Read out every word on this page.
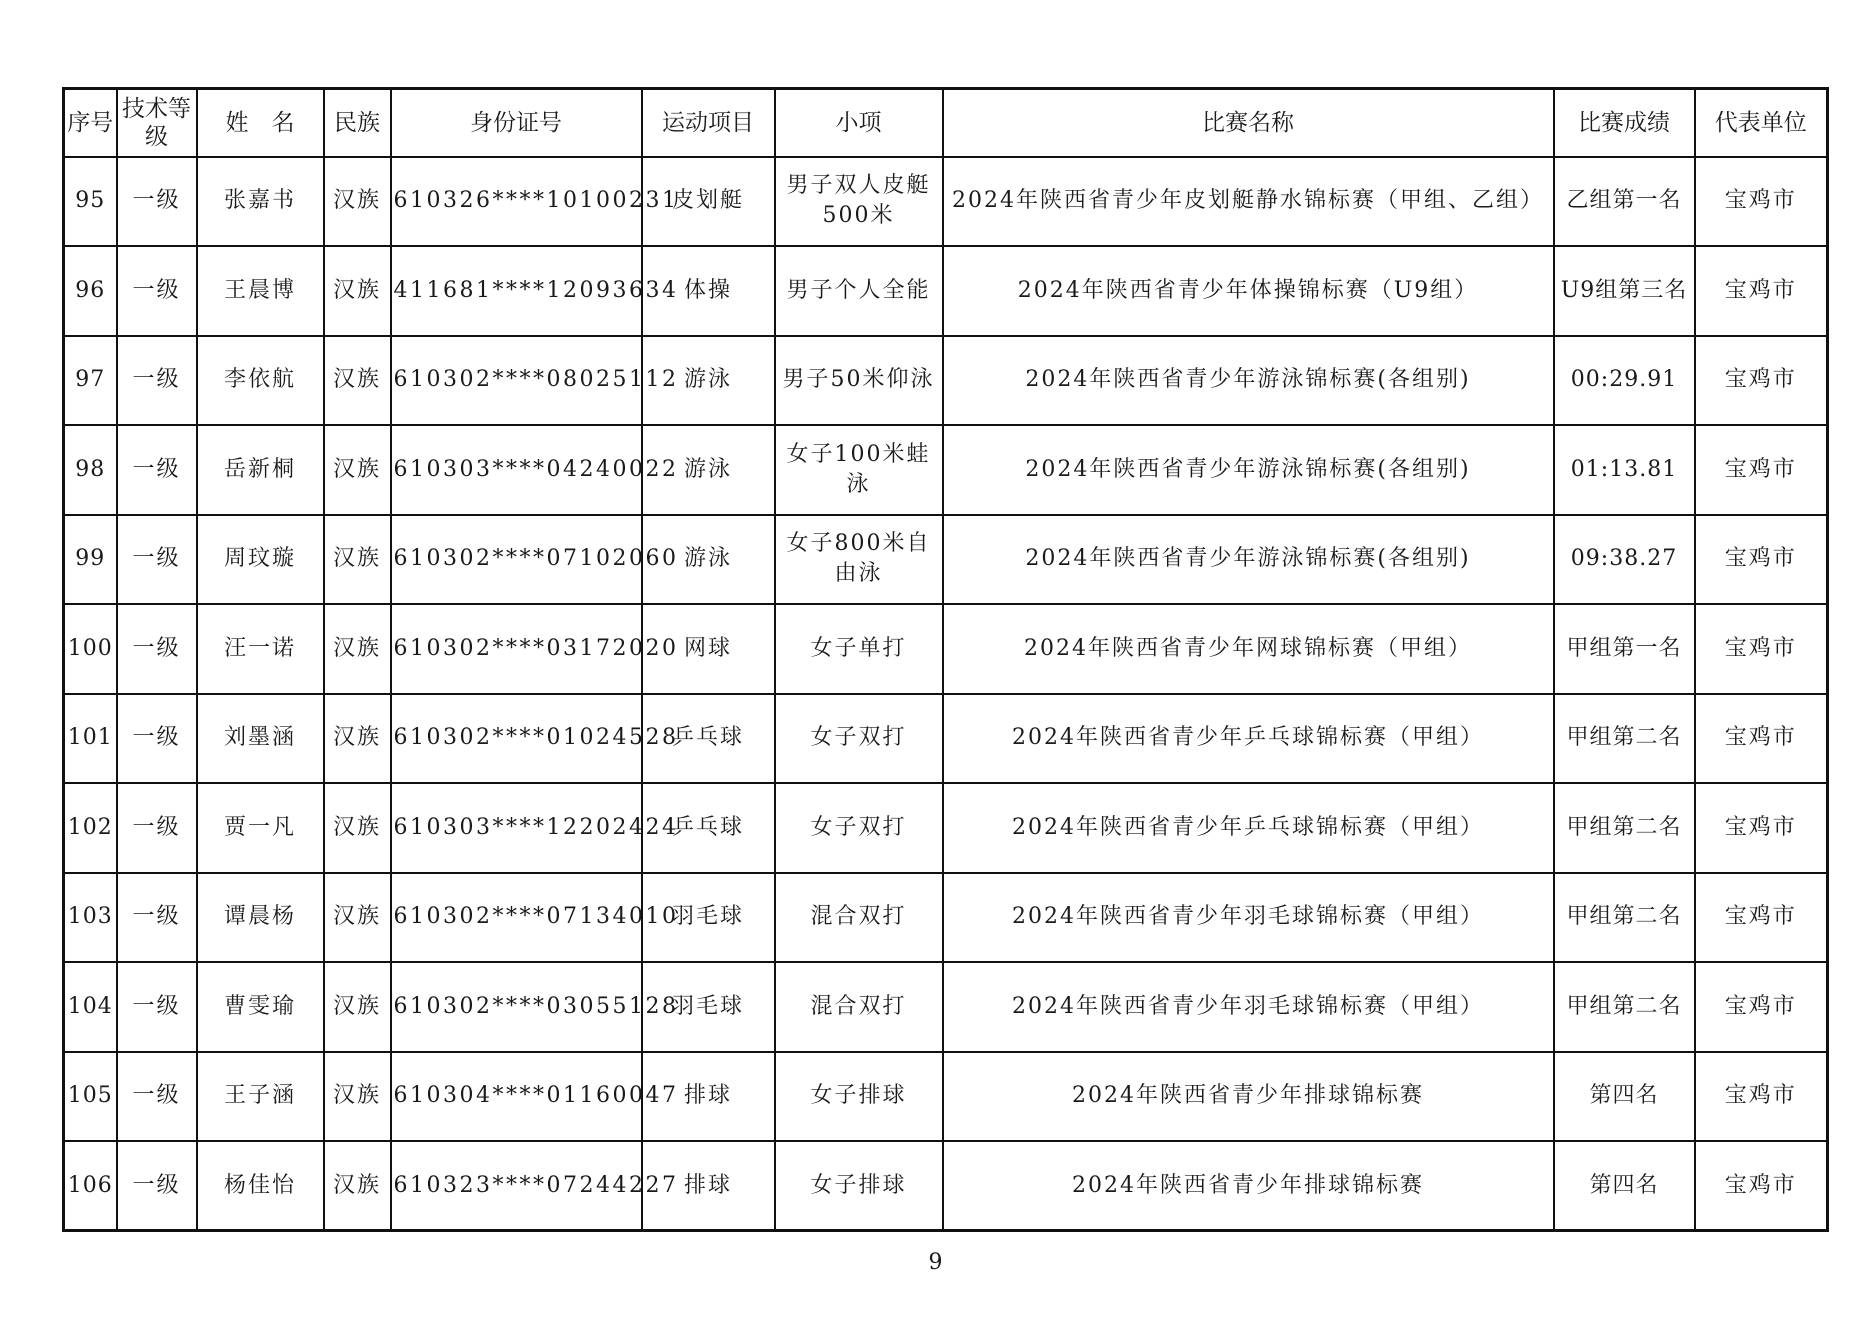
序号	技术等级	姓　名	民族	身份证号	运动项目	小项	比赛名称	比赛成绩	代表单位
95	一级	张嘉书	汉族	610326****10100231	皮划艇	男子双人皮艇500米	2024年陕西省青少年皮划艇静水锦标赛（甲组、乙组）	乙组第一名	宝鸡市
96	一级	王晨博	汉族	411681****12093634	体操	男子个人全能	2024年陕西省青少年体操锦标赛（U9组）	U9组第三名	宝鸡市
97	一级	李依航	汉族	610302****08025112	游泳	男子50米仰泳	2024年陕西省青少年游泳锦标赛(各组别)	00:29.91	宝鸡市
98	一级	岳新桐	汉族	610303****04240022	游泳	女子100米蛙泳	2024年陕西省青少年游泳锦标赛(各组别)	01:13.81	宝鸡市
99	一级	周玟璇	汉族	610302****07102060	游泳	女子800米自由泳	2024年陕西省青少年游泳锦标赛(各组别)	09:38.27	宝鸡市
100	一级	汪一诺	汉族	610302****03172020	网球	女子单打	2024年陕西省青少年网球锦标赛（甲组）	甲组第一名	宝鸡市
101	一级	刘墨涵	汉族	610302****01024528	乒乓球	女子双打	2024年陕西省青少年乒乓球锦标赛（甲组）	甲组第二名	宝鸡市
102	一级	贾一凡	汉族	610303****12202424	乒乓球	女子双打	2024年陕西省青少年乒乓球锦标赛（甲组）	甲组第二名	宝鸡市
103	一级	谭晨杨	汉族	610302****07134010	羽毛球	混合双打	2024年陕西省青少年羽毛球锦标赛（甲组）	甲组第二名	宝鸡市
104	一级	曹雯瑜	汉族	610302****03055128	羽毛球	混合双打	2024年陕西省青少年羽毛球锦标赛（甲组）	甲组第二名	宝鸡市
105	一级	王子涵	汉族	610304****01160047	排球	女子排球	2024年陕西省青少年排球锦标赛	第四名	宝鸡市
106	一级	杨佳怡	汉族	610323****07244227	排球	女子排球	2024年陕西省青少年排球锦标赛	第四名	宝鸡市
9
